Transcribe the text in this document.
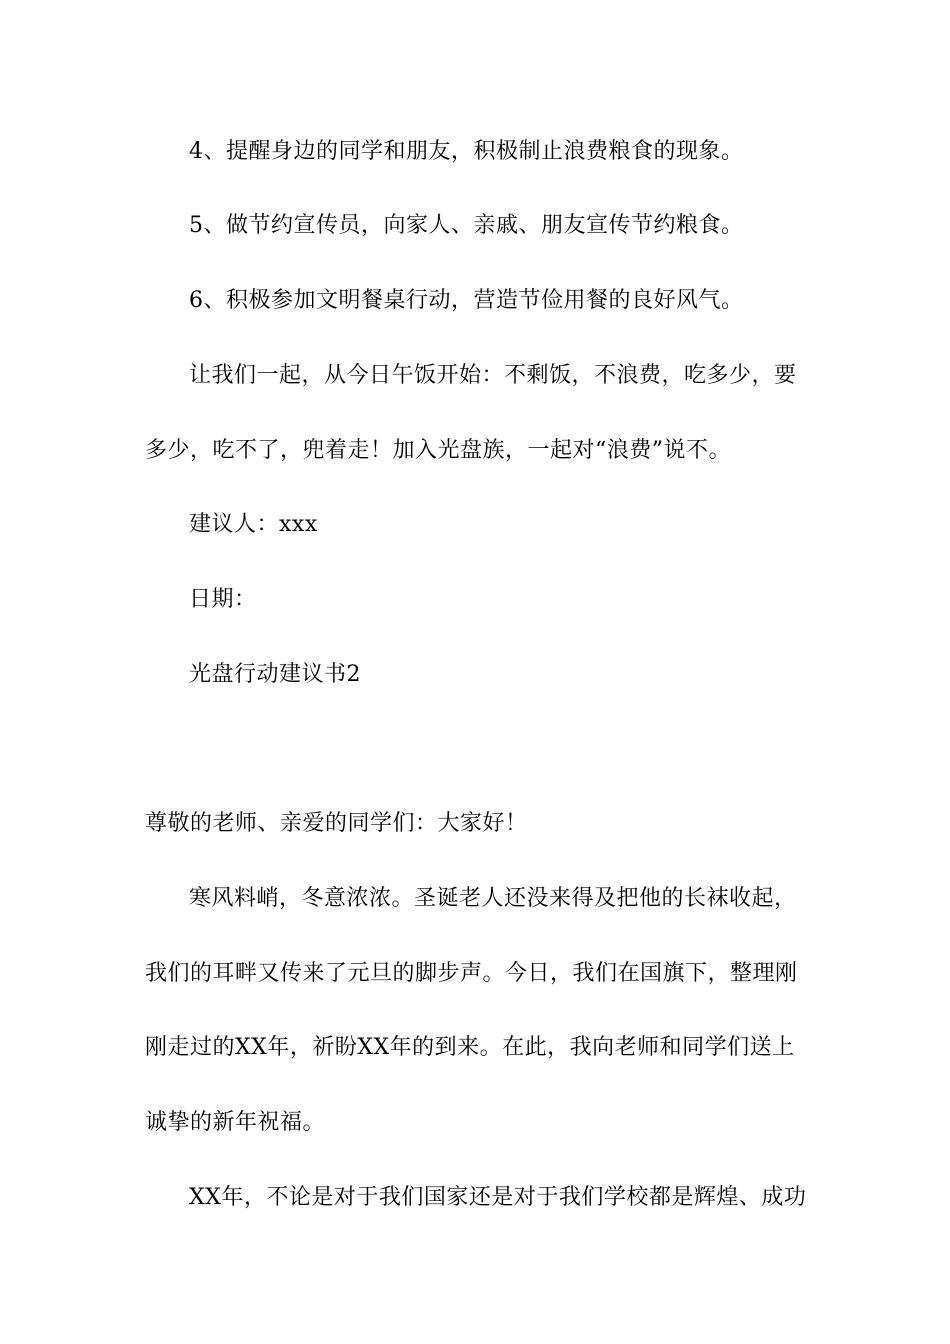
4、提醒身边的同学和朋友，积极制止浪费粮食的现象。
5、做节约宣传员，向家人、亲戚、朋友宣传节约粮食。
6、积极参加文明餐桌行动，营造节俭用餐的良好风气。
让我们一起，从今日午饭开始：不剩饭，不浪费，吃多少，要
多少，吃不了，兜着走！加入光盘族，一起对“浪费”说不。
建议人：xxx
日期：
光盘行动建议书2
尊敬的老师、亲爱的同学们：大家好！
寒风料峭，冬意浓浓。圣诞老人还没来得及把他的长袜收起，
我们的耳畔又传来了元旦的脚步声。今日，我们在国旗下，整理刚
刚走过的XX年，祈盼XX年的到来。在此，我向老师和同学们送上
诚挚的新年祝福。
XX年，不论是对于我们国家还是对于我们学校都是辉煌、成功
